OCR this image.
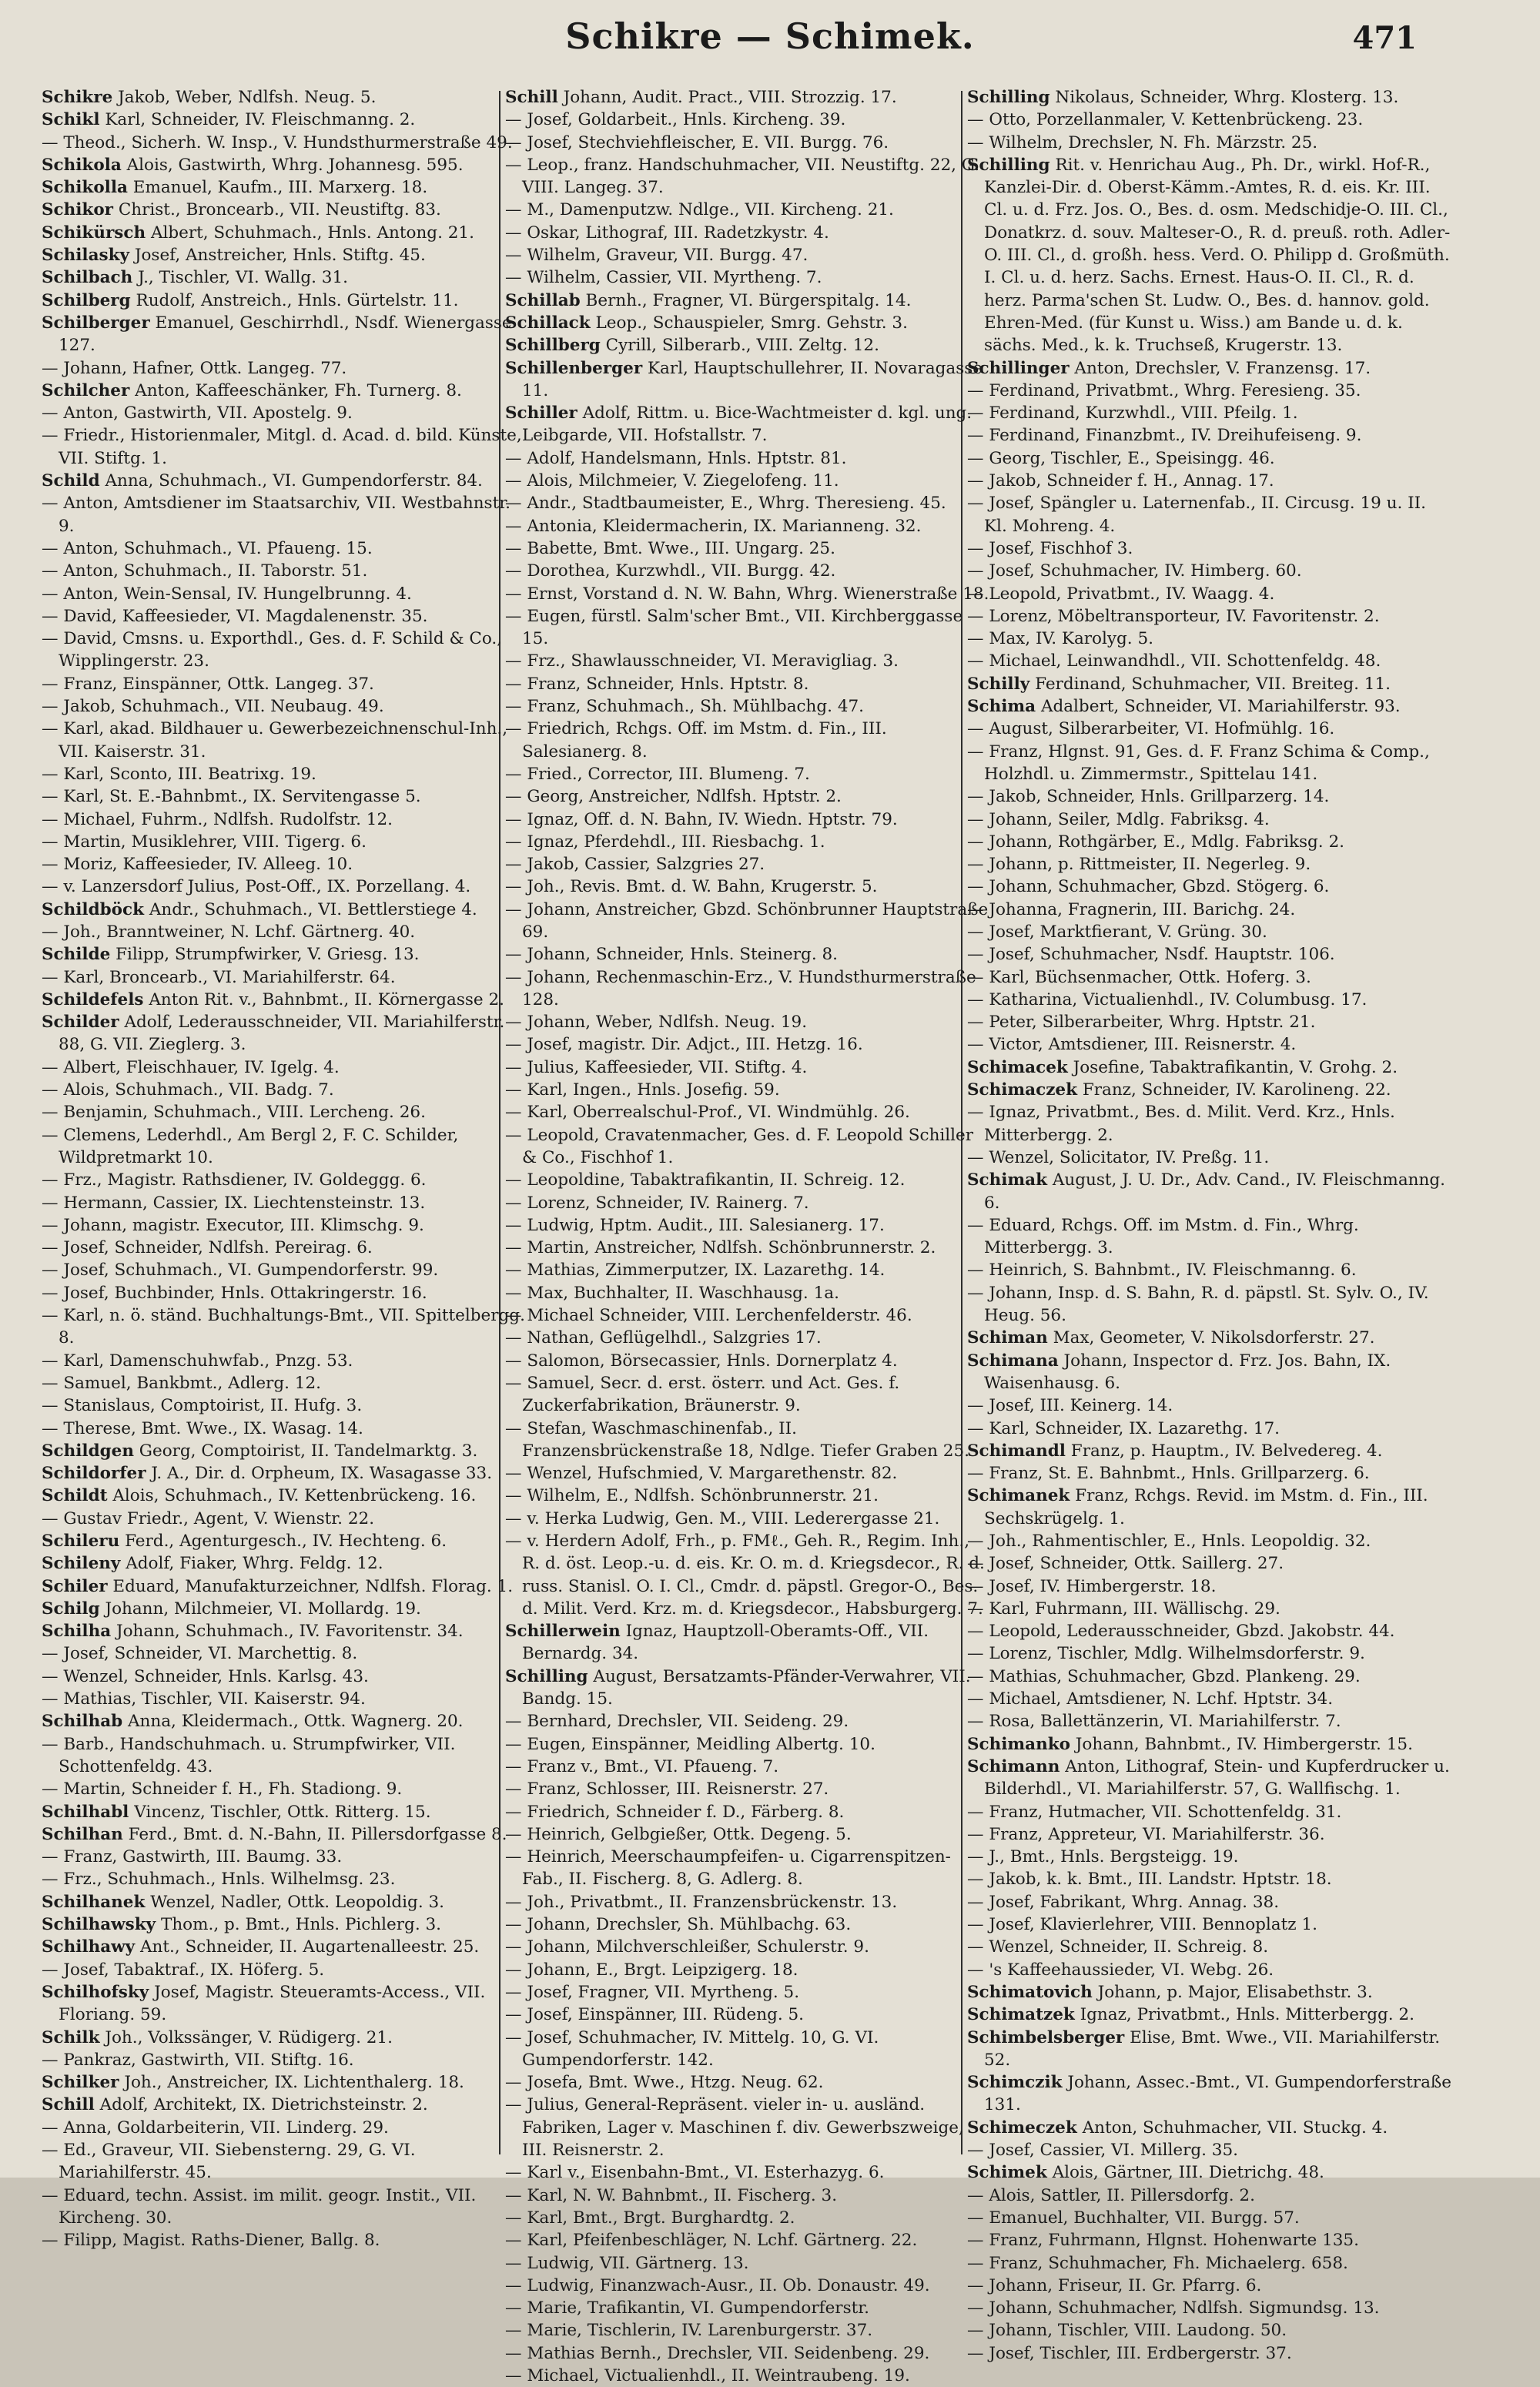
Schikre — Schimek.	471

Schikre Jakob, Weber, Ndlfsh. Neug. 5.

Schikl Karl, Schneider, IV. Fleischmanng. 2.

— Theod., Sicherh. W. Insp., V. Hundsthurmerstraße 49.

Schikola Alois, Gastwirth, Whrg. Johannesg. 595.

Schikolla Emanuel, Kaufm., III. Marxerg. 18.

Schikor Christ., Broncearb., VII. Neustiftg. 83.

Schikürsch Albert, Schuhmach., Hnls. Antong. 21.

Schilasky Josef, Anstreicher, Hnls. Stiftg. 45.

Schilbach J., Tischler, VI. Wallg. 31.

Schilberg Rudolf, Anstreich., Hnls. Gürtelstr. 11.

Schilberger Emanuel, Geschirrhdl., Nsdf. Wienergasse 127.

— Johann, Hafner, Ottk. Langeg. 77.

Schilcher Anton, Kaffeeschänker, Fh. Turnerg. 8.

— Anton, Gastwirth, VII. Apostelg. 9.

— Friedr., Historienmaler, Mitgl. d. Acad. d. bild. Künste, VII. Stiftg. 1.

Schild Anna, Schuhmach., VI. Gumpendorferstr. 84.

— Anton, Amtsdiener im Staatsarchiv, VII. Westbahnstr. 9.

— Anton, Schuhmach., VI. Pfaueng. 15.

— Anton, Schuhmach., II. Taborstr. 51.

— Anton, Wein-Sensal, IV. Hungelbrunng. 4.

— David, Kaffeesieder, VI. Magdalenenstr. 35.

— David, Cmsns. u. Exporthdl., Ges. d. F. Schild & Co., Wipplingerstr. 23.

— Franz, Einspänner, Ottk. Langeg. 37.

— Jakob, Schuhmach., VII. Neubaug. 49.

— Karl, akad. Bildhauer u. Gewerbezeichnenschul-Inh., VII. Kaiserstr. 31.

— Karl, Sconto, III. Beatrixg. 19.

— Karl, St. E.-Bahnbmt., IX. Servitengasse 5.

— Michael, Fuhrm., Ndlfsh. Rudolfstr. 12.

— Martin, Musiklehrer, VIII. Tigerg. 6.

— Moriz, Kaffeesieder, IV. Alleeg. 10.

— v. Lanzersdorf Julius, Post-Off., IX. Porzellang. 4.

Schildböck Andr., Schuhmach., VI. Bettlerstiege 4.

— Joh., Branntweiner, N. Lchf. Gärtnerg. 40.

Schilde Filipp, Strumpfwirker, V. Griesg. 13.

— Karl, Broncearb., VI. Mariahilferstr. 64.

Schildefels Anton Rit. v., Bahnbmt., II. Körnergasse 2.

Schilder Adolf, Lederausschneider, VII. Mariahilferstr. 88, G. VII. Zieglerg. 3.

— Albert, Fleischhauer, IV. Igelg. 4.

— Alois, Schuhmach., VII. Badg. 7.

— Benjamin, Schuhmach., VIII. Lercheng. 26.

— Clemens, Lederhdl., Am Bergl 2, F. C. Schilder, Wildpretmarkt 10.

— Frz., Magistr. Rathsdiener, IV. Goldeggg. 6.

— Hermann, Cassier, IX. Liechtensteinstr. 13.

— Johann, magistr. Executor, III. Klimschg. 9.

— Josef, Schneider, Ndlfsh. Pereirag. 6.

— Josef, Schuhmach., VI. Gumpendorferstr. 99.

— Josef, Buchbinder, Hnls. Ottakringerstr. 16.

— Karl, n. ö. ständ. Buchhaltungs-Bmt., VII. Spittelbergg. 8.

— Karl, Damenschuhwfab., Pnzg. 53.

— Samuel, Bankbmt., Adlerg. 12.

— Stanislaus, Comptoirist, II. Hufg. 3.

— Therese, Bmt. Wwe., IX. Wasag. 14.

Schildgen Georg, Comptoirist, II. Tandelmarktg. 3.

Schildorfer J. A., Dir. d. Orpheum, IX. Wasagasse 33.

Schildt Alois, Schuhmach., IV. Kettenbrückeng. 16.

— Gustav Friedr., Agent, V. Wienstr. 22.

Schileru Ferd., Agenturgesch., IV. Hechteng. 6.

Schileny Adolf, Fiaker, Whrg. Feldg. 12.

Schiler Eduard, Manufakturzeichner, Ndlfsh. Florag. 1.

Schilg Johann, Milchmeier, VI. Mollardg. 19.

Schilha Johann, Schuhmach., IV. Favoritenstr. 34.

— Josef, Schneider, VI. Marchettig. 8.

— Wenzel, Schneider, Hnls. Karlsg. 43.

— Mathias, Tischler, VII. Kaiserstr. 94.

Schilhab Anna, Kleidermach., Ottk. Wagnerg. 20.

— Barb., Handschuhmach. u. Strumpfwirker, VII. Schottenfeldg. 43.

— Martin, Schneider f. H., Fh. Stadiong. 9.

Schilhabl Vincenz, Tischler, Ottk. Ritterg. 15.

Schilhan Ferd., Bmt. d. N.-Bahn, II. Pillersdorfgasse 8.

— Franz, Gastwirth, III. Baumg. 33.

— Frz., Schuhmach., Hnls. Wilhelmsg. 23.

Schilhanek Wenzel, Nadler, Ottk. Leopoldig. 3.

Schilhawsky Thom., p. Bmt., Hnls. Pichlerg. 3.

Schilhawy Ant., Schneider, II. Augartenalleestr. 25.

— Josef, Tabaktraf., IX. Höferg. 5.

Schilhofsky Josef, Magistr. Steueramts-Access., VII. Floriang. 59.

Schilk Joh., Volkssänger, V. Rüdigerg. 21.

— Pankraz, Gastwirth, VII. Stiftg. 16.

Schilker Joh., Anstreicher, IX. Lichtenthalerg. 18.

Schill Adolf, Architekt, IX. Dietrichsteinstr. 2.

— Anna, Goldarbeiterin, VII. Linderg. 29.

— Ed., Graveur, VII. Siebensterng. 29, G. VI. Mariahilferstr. 45.

— Eduard, techn. Assist. im milit. geogr. Instit., VII. Kircheng. 30.

— Filipp, Magist. Raths-Diener, Ballg. 8.

Schill Johann, Audit. Pract., VIII. Strozzig. 17.

— Josef, Goldarbeit., Hnls. Kircheng. 39.

— Josef, Stechviehfleischer, E. VII. Burgg. 76.

— Leop., franz. Handschuhmacher, VII. Neustiftg. 22, G. VIII. Langeg. 37.

— M., Damenputzw. Ndlge., VII. Kircheng. 21.

— Oskar, Lithograf, III. Radetzkystr. 4.

— Wilhelm, Graveur, VII. Burgg. 47.

— Wilhelm, Cassier, VII. Myrtheng. 7.

Schillab Bernh., Fragner, VI. Bürgerspitalg. 14.

Schillack Leop., Schauspieler, Smrg. Gehstr. 3.

Schillberg Cyrill, Silberarb., VIII. Zeltg. 12.

Schillenberger Karl, Hauptschullehrer, II. Novaragasse 11.

Schiller Adolf, Rittm. u. Bice-Wachtmeister d. kgl. ung. Leibgarde, VII. Hofstallstr. 7.

— Adolf, Handelsmann, Hnls. Hptstr. 81.

— Alois, Milchmeier, V. Ziegelofeng. 11.

— Andr., Stadtbaumeister, E., Whrg. Theresieng. 45.

— Antonia, Kleidermacherin, IX. Marianneng. 32.

— Babette, Bmt. Wwe., III. Ungarg. 25.

— Dorothea, Kurzwhdl., VII. Burgg. 42.

— Ernst, Vorstand d. N. W. Bahn, Whrg. Wienerstraße 18.

— Eugen, fürstl. Salm'scher Bmt., VII. Kirchberggasse 15.

— Frz., Shawlausschneider, VI. Meravigliag. 3.

— Franz, Schneider, Hnls. Hptstr. 8.

— Franz, Schuhmach., Sh. Mühlbachg. 47.

— Friedrich, Rchgs. Off. im Mstm. d. Fin., III. Salesianerg. 8.

— Fried., Corrector, III. Blumeng. 7.

— Georg, Anstreicher, Ndlfsh. Hptstr. 2.

— Ignaz, Off. d. N. Bahn, IV. Wiedn. Hptstr. 79.

— Ignaz, Pferdehdl., III. Riesbachg. 1.

— Jakob, Cassier, Salzgries 27.

— Joh., Revis. Bmt. d. W. Bahn, Krugerstr. 5.

— Johann, Anstreicher, Gbzd. Schönbrunner Hauptstraße 69.

— Johann, Schneider, Hnls. Steinerg. 8.

— Johann, Rechenmaschin-Erz., V. Hundsthurmerstraße 128.

— Johann, Weber, Ndlfsh. Neug. 19.

— Josef, magistr. Dir. Adjct., III. Hetzg. 16.

— Julius, Kaffeesieder, VII. Stiftg. 4.

— Karl, Ingen., Hnls. Josefig. 59.

— Karl, Oberrealschul-Prof., VI. Windmühlg. 26.

— Leopold, Cravatenmacher, Ges. d. F. Leopold Schiller & Co., Fischhof 1.

— Leopoldine, Tabaktrafikantin, II. Schreig. 12.

— Lorenz, Schneider, IV. Rainerg. 7.

— Ludwig, Hptm. Audit., III. Salesianerg. 17.

— Martin, Anstreicher, Ndlfsh. Schönbrunnerstr. 2.

— Mathias, Zimmerputzer, IX. Lazarethg. 14.

— Max, Buchhalter, II. Waschhausg. 1a.

— Michael Schneider, VIII. Lerchenfelderstr. 46.

— Nathan, Geflügelhdl., Salzgries 17.

— Salomon, Börsecassier, Hnls. Dornerplatz 4.

— Samuel, Secr. d. erst. österr. und Act. Ges. f. Zuckerfabrikation, Bräunerstr. 9.

— Stefan, Waschmaschinenfab., II. Franzensbrückenstraße 18, Ndlge. Tiefer Graben 25.

— Wenzel, Hufschmied, V. Margarethenstr. 82.

— Wilhelm, E., Ndlfsh. Schönbrunnerstr. 21.

— v. Herka Ludwig, Gen. M., VIII. Lederergasse 21.

— v. Herdern Adolf, Frh., p. FMℓ., Geh. R., Regim. Inh., R. d. öst. Leop.-u. d. eis. Kr. O. m. d. Kriegsdecor., R. d. russ. Stanisl. O. I. Cl., Cmdr. d. päpstl. Gregor-O., Bes. d. Milit. Verd. Krz. m. d. Kriegsdecor., Habsburgerg. 7.

Schillerwein Ignaz, Hauptzoll-Oberamts-Off., VII. Bernardg. 34.

Schilling August, Bersatzamts-Pfänder-Verwahrer, VII. Bandg. 15.

— Bernhard, Drechsler, VII. Seideng. 29.

— Eugen, Einspänner, Meidling Albertg. 10.

— Franz v., Bmt., VI. Pfaueng. 7.

— Franz, Schlosser, III. Reisnerstr. 27.

— Friedrich, Schneider f. D., Färberg. 8.

— Heinrich, Gelbgießer, Ottk. Degeng. 5.

— Heinrich, Meerschaumpfeifen- u. Cigarrenspitzen-Fab., II. Fischerg. 8, G. Adlerg. 8.

— Joh., Privatbmt., II. Franzensbrückenstr. 13.

— Johann, Drechsler, Sh. Mühlbachg. 63.

— Johann, Milchverschleißer, Schulerstr. 9.

— Johann, E., Brgt. Leipzigerg. 18.

— Josef, Fragner, VII. Myrtheng. 5.

— Josef, Einspänner, III. Rüdeng. 5.

— Josef, Schuhmacher, IV. Mittelg. 10, G. VI. Gumpendorferstr. 142.

— Josefa, Bmt. Wwe., Htzg. Neug. 62.

— Julius, General-Repräsent. vieler in- u. ausländ. Fabriken, Lager v. Maschinen f. div. Gewerbszweige, III. Reisnerstr. 2.

— Karl v., Eisenbahn-Bmt., VI. Esterhazyg. 6.

— Karl, N. W. Bahnbmt., II. Fischerg. 3.

— Karl, Bmt., Brgt. Burghardtg. 2.

— Karl, Pfeifenbeschläger, N. Lchf. Gärtnerg. 22.

— Ludwig, VII. Gärtnerg. 13.

— Ludwig, Finanzwach-Ausr., II. Ob. Donaustr. 49.

— Marie, Trafikantin, VI. Gumpendorferstr.

— Marie, Tischlerin, IV. Larenburgerstr. 37.

— Mathias Bernh., Drechsler, VII. Seidenbeng. 29.

— Michael, Victualienhdl., II. Weintraubeng. 19.

Schilling Nikolaus, Schneider, Whrg. Klosterg. 13.

— Otto, Porzellanmaler, V. Kettenbrückeng. 23.

— Wilhelm, Drechsler, N. Fh. Märzstr. 25.

Schilling Rit. v. Henrichau Aug., Ph. Dr., wirkl. Hof-R., Kanzlei-Dir. d. Oberst-Kämm.-Amtes, R. d. eis. Kr. III. Cl. u. d. Frz. Jos. O., Bes. d. osm. Medschidje-O. III. Cl., Donatkrz. d. souv. Malteser-O., R. d. preuß. roth. Adler-O. III. Cl., d. großh. hess. Verd. O. Philipp d. Großmüth. I. Cl. u. d. herz. Sachs. Ernest. Haus-O. II. Cl., R. d. herz. Parma'schen St. Ludw. O., Bes. d. hannov. gold. Ehren-Med. (für Kunst u. Wiss.) am Bande u. d. k. sächs. Med., k. k. Truchseß, Krugerstr. 13.

Schillinger Anton, Drechsler, V. Franzensg. 17.

— Ferdinand, Privatbmt., Whrg. Feresieng. 35.

— Ferdinand, Kurzwhdl., VIII. Pfeilg. 1.

— Ferdinand, Finanzbmt., IV. Dreihufeiseng. 9.

— Georg, Tischler, E., Speisingg. 46.

— Jakob, Schneider f. H., Annag. 17.

— Josef, Spängler u. Laternenfab., II. Circusg. 19 u. II. Kl. Mohreng. 4.

— Josef, Fischhof 3.

— Josef, Schuhmacher, IV. Himberg. 60.

— Leopold, Privatbmt., IV. Waagg. 4.

— Lorenz, Möbeltransporteur, IV. Favoritenstr. 2.

— Max, IV. Karolyg. 5.

— Michael, Leinwandhdl., VII. Schottenfeldg. 48.

Schilly Ferdinand, Schuhmacher, VII. Breiteg. 11.

Schima Adalbert, Schneider, VI. Mariahilferstr. 93.

— August, Silberarbeiter, VI. Hofmühlg. 16.

— Franz, Hlgnst. 91, Ges. d. F. Franz Schima & Comp., Holzhdl. u. Zimmermstr., Spittelau 141.

— Jakob, Schneider, Hnls. Grillparzerg. 14.

— Johann, Seiler, Mdlg. Fabriksg. 4.

— Johann, Rothgärber, E., Mdlg. Fabriksg. 2.

— Johann, p. Rittmeister, II. Negerleg. 9.

— Johann, Schuhmacher, Gbzd. Stögerg. 6.

— Johanna, Fragnerin, III. Barichg. 24.

— Josef, Marktfierant, V. Grüng. 30.

— Josef, Schuhmacher, Nsdf. Hauptstr. 106.

— Karl, Büchsenmacher, Ottk. Hoferg. 3.

— Katharina, Victualienhdl., IV. Columbusg. 17.

— Peter, Silberarbeiter, Whrg. Hptstr. 21.

— Victor, Amtsdiener, III. Reisnerstr. 4.

Schimacek Josefine, Tabaktrafikantin, V. Grohg. 2.

Schimaczek Franz, Schneider, IV. Karolineng. 22.

— Ignaz, Privatbmt., Bes. d. Milit. Verd. Krz., Hnls. Mitterbergg. 2.

— Wenzel, Solicitator, IV. Preßg. 11.

Schimak August, J. U. Dr., Adv. Cand., IV. Fleischmanng. 6.

— Eduard, Rchgs. Off. im Mstm. d. Fin., Whrg. Mitterbergg. 3.

— Heinrich, S. Bahnbmt., IV. Fleischmanng. 6.

— Johann, Insp. d. S. Bahn, R. d. päpstl. St. Sylv. O., IV. Heug. 56.

Schiman Max, Geometer, V. Nikolsdorferstr. 27.

Schimana Johann, Inspector d. Frz. Jos. Bahn, IX. Waisenhausg. 6.

— Josef, III. Keinerg. 14.

— Karl, Schneider, IX. Lazarethg. 17.

Schimandl Franz, p. Hauptm., IV. Belvedereg. 4.

— Franz, St. E. Bahnbmt., Hnls. Grillparzerg. 6.

Schimanek Franz, Rchgs. Revid. im Mstm. d. Fin., III. Sechskrügelg. 1.

— Joh., Rahmentischler, E., Hnls. Leopoldig. 32.

— Josef, Schneider, Ottk. Saillerg. 27.

— Josef, IV. Himbergerstr. 18.

— Karl, Fuhrmann, III. Wällischg. 29.

— Leopold, Lederausschneider, Gbzd. Jakobstr. 44.

— Lorenz, Tischler, Mdlg. Wilhelmsdorferstr. 9.

— Mathias, Schuhmacher, Gbzd. Plankeng. 29.

— Michael, Amtsdiener, N. Lchf. Hptstr. 34.

— Rosa, Ballettänzerin, VI. Mariahilferstr. 7.

Schimanko Johann, Bahnbmt., IV. Himbergerstr. 15.

Schimann Anton, Lithograf, Stein- und Kupferdrucker u. Bilderhdl., VI. Mariahilferstr. 57, G. Wallfischg. 1.

— Franz, Hutmacher, VII. Schottenfeldg. 31.

— Franz, Appreteur, VI. Mariahilferstr. 36.

— J., Bmt., Hnls. Bergsteigg. 19.

— Jakob, k. k. Bmt., III. Landstr. Hptstr. 18.

— Josef, Fabrikant, Whrg. Annag. 38.

— Josef, Klavierlehrer, VIII. Bennoplatz 1.

— Wenzel, Schneider, II. Schreig. 8.

— 's Kaffeehaussieder, VI. Webg. 26.

Schimatovich Johann, p. Major, Elisabethstr. 3.

Schimatzek Ignaz, Privatbmt., Hnls. Mitterbergg. 2.

Schimbelsberger Elise, Bmt. Wwe., VII. Mariahilferstr. 52.

Schimczik Johann, Assec.-Bmt., VI. Gumpendorferstraße 131.

Schimeczek Anton, Schuhmacher, VII. Stuckg. 4.

— Josef, Cassier, VI. Millerg. 35.

Schimek Alois, Gärtner, III. Dietrichg. 48.

— Alois, Sattler, II. Pillersdorfg. 2.

— Emanuel, Buchhalter, VII. Burgg. 57.

— Franz, Fuhrmann, Hlgnst. Hohenwarte 135.

— Franz, Schuhmacher, Fh. Michaelerg. 658.

— Johann, Friseur, II. Gr. Pfarrg. 6.

— Johann, Schuhmacher, Ndlfsh. Sigmundsg. 13.

— Johann, Tischler, VIII. Laudong. 50.

— Josef, Tischler, III. Erdbergerstr. 37.
